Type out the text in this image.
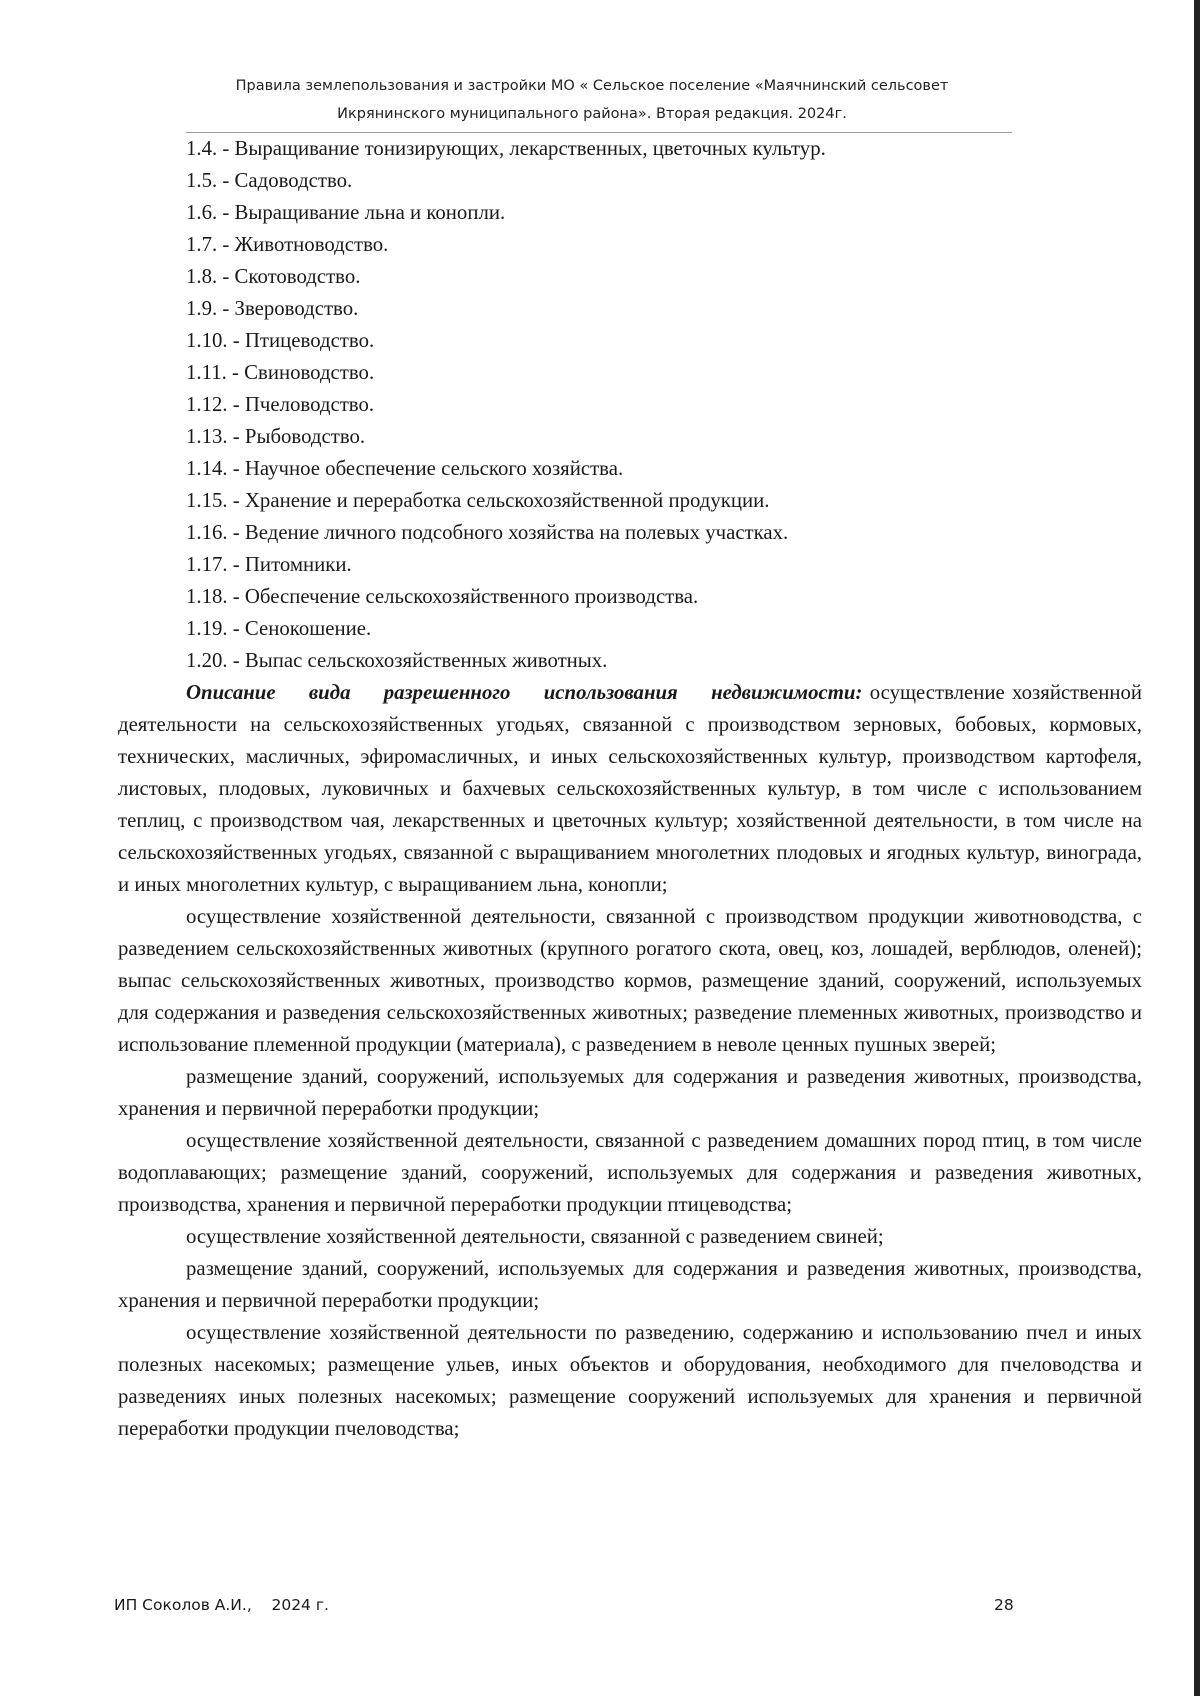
Правила землепользования и застройки МО « Сельское поселение «Маячнинский сельсовет
Икрянинского муниципального района». Вторая редакция. 2024г.
1.4. - Выращивание тонизирующих, лекарственных, цветочных культур.
1.5. - Садоводство.
1.6. - Выращивание льна и конопли.
1.7. - Животноводство.
1.8. - Скотоводство.
1.9. - Звероводство.
1.10. - Птицеводство.
1.11. - Свиноводство.
1.12. - Пчеловодство.
1.13. - Рыбоводство.
1.14. - Научное обеспечение сельского хозяйства.
1.15. - Хранение и переработка сельскохозяйственной продукции.
1.16. - Ведение личного подсобного хозяйства на полевых участках.
1.17. - Питомники.
1.18. - Обеспечение сельскохозяйственного производства.
1.19. - Сенокошение.
1.20. - Выпас сельскохозяйственных животных.

Описание вида разрешенного использования недвижимости: осуществление хозяйственной деятельности на сельскохозяйственных угодьях, связанной с производством зерновых, бобовых, кормовых, технических, масличных, эфиромасличных, и иных сельскохозяйственных культур, производством картофеля, листовых, плодовых, луковичных и бахчевых сельскохозяйственных культур, в том числе с использованием теплиц, с производством чая, лекарственных и цветочных культур; хозяйственной деятельности, в том числе на сельскохозяйственных угодьях, связанной с выращиванием многолетних плодовых и ягодных культур, винограда, и иных многолетних культур, с выращиванием льна, конопли;

осуществление хозяйственной деятельности, связанной с производством продукции животноводства, с разведением сельскохозяйственных животных (крупного рогатого скота, овец, коз, лошадей, верблюдов, оленей); выпас сельскохозяйственных животных, производство кормов, размещение зданий, сооружений, используемых для содержания и разведения сельскохозяйственных животных; разведение племенных животных, производство и использование племенной продукции (материала), с разведением в неволе ценных пушных зверей;

размещение зданий, сооружений, используемых для содержания и разведения животных, производства, хранения и первичной переработки продукции;

осуществление хозяйственной деятельности, связанной с разведением домашних пород птиц, в том числе водоплавающих; размещение зданий, сооружений, используемых для содержания и разведения животных, производства, хранения и первичной переработки продукции птицеводства;

осуществление хозяйственной деятельности, связанной с разведением свиней;

размещение зданий, сооружений, используемых для содержания и разведения животных, производства, хранения и первичной переработки продукции;

осуществление хозяйственной деятельности по разведению, содержанию и использованию пчел и иных полезных насекомых; размещение ульев, иных объектов и оборудования, необходимого для пчеловодства и разведениях иных полезных насекомых; размещение сооружений используемых для хранения и первичной переработки продукции пчеловодства;

ИП Соколов А.И.,    2024 г.	28
